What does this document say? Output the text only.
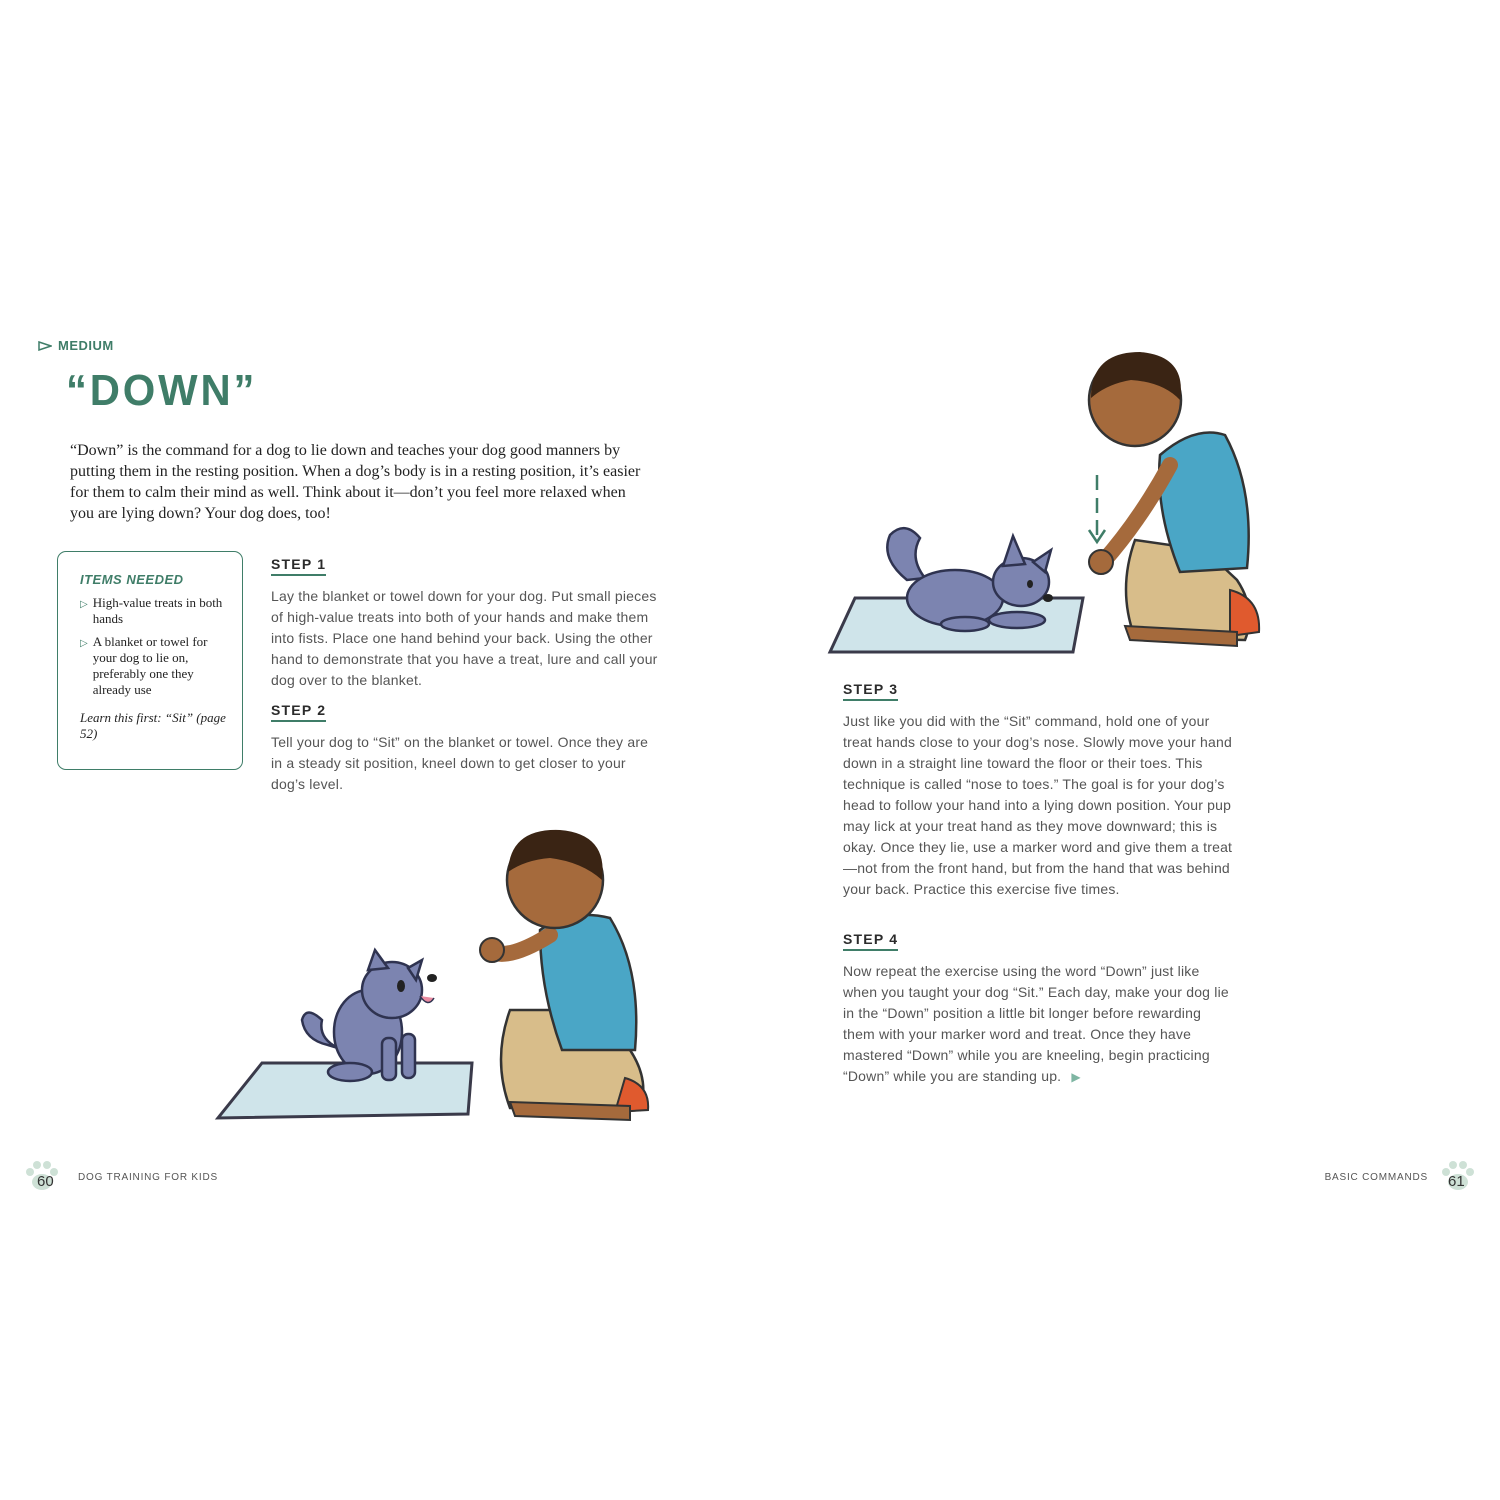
MEDIUM
“DOWN”
“Down” is the command for a dog to lie down and teaches your dog good manners by putting them in the resting position. When a dog’s body is in a resting position, it’s easier for them to calm their mind as well. Think about it—don’t you feel more relaxed when you are lying down? Your dog does, too!
ITEMS NEEDED
▷ High-value treats in both hands
▷ A blanket or towel for your dog to lie on, preferably one they already use
Learn this first: “Sit” (page 52)
STEP 1
Lay the blanket or towel down for your dog. Put small pieces of high-value treats into both of your hands and make them into fists. Place one hand behind your back. Using the other hand to demonstrate that you have a treat, lure and call your dog over to the blanket.
STEP 2
Tell your dog to “Sit” on the blanket or towel. Once they are in a steady sit position, kneel down to get closer to your dog’s level.
60 DOG TRAINING FOR KIDS
STEP 3
Just like you did with the “Sit” command, hold one of your treat hands close to your dog’s nose. Slowly move your hand down in a straight line toward the floor or their toes. This technique is called “nose to toes.” The goal is for your dog’s head to follow your hand into a lying down position. Your pup may lick at your treat hand as they move downward; this is okay. Once they lie, use a marker word and give them a treat—not from the front hand, but from the hand that was behind your back. Practice this exercise five times.
STEP 4
Now repeat the exercise using the word “Down” just like when you taught your dog “Sit.” Each day, make your dog lie in the “Down” position a little bit longer before rewarding them with your marker word and treat. Once they have mastered “Down” while you are kneeling, begin practicing “Down” while you are standing up. ▶
BASIC COMMANDS 61
